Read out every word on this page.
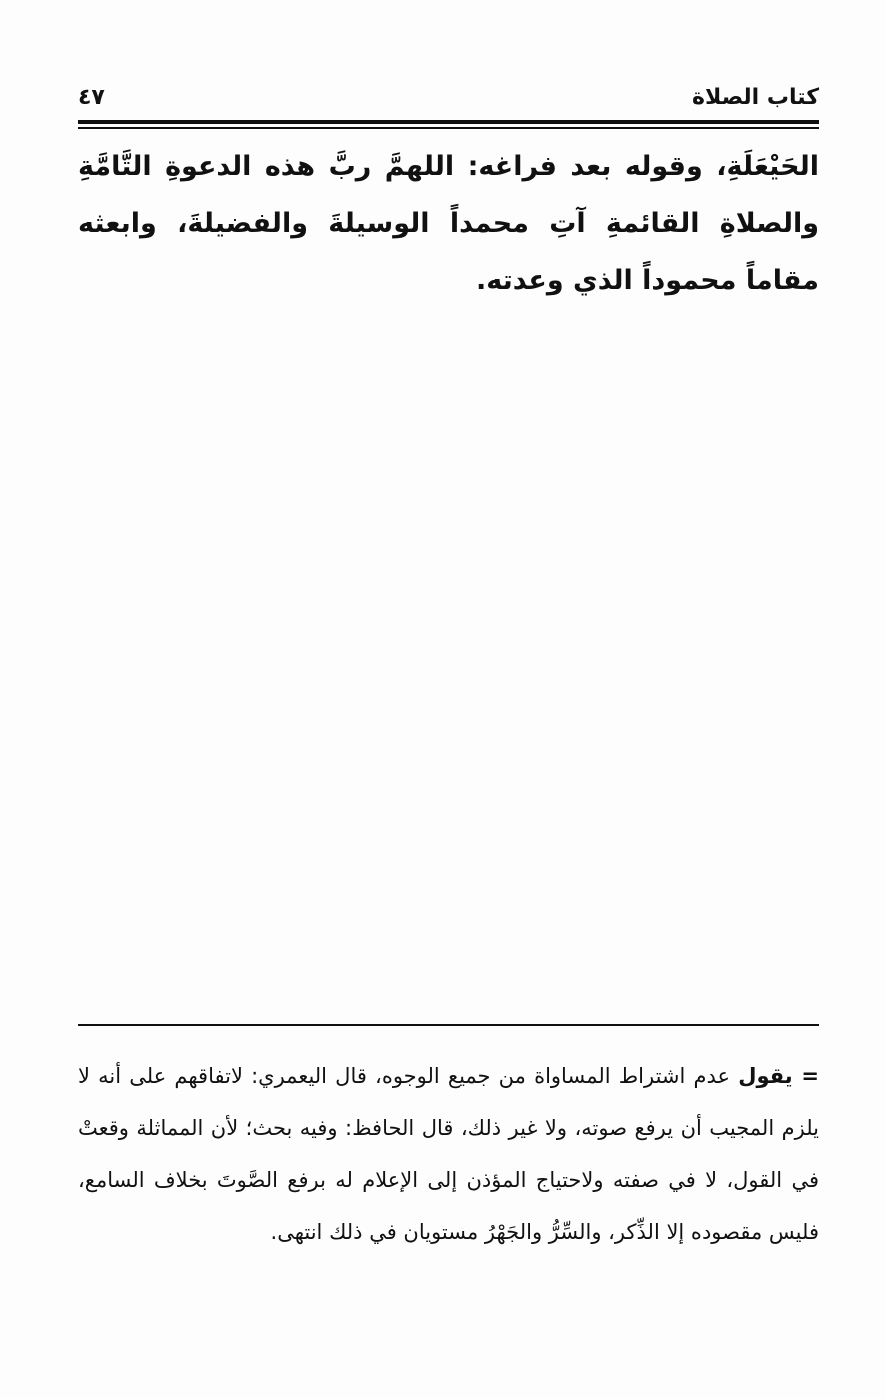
كتاب الصلاة
٤٧

الحَيْعَلَةِ، وقوله بعد فراغه: اللهمَّ ربَّ هذه الدعوةِ التَّامَّةِ والصلاةِ القائمةِ آتِ محمداً الوسيلةَ والفضيلةَ، وابعثه مقاماً محموداً الذي وعدته.

= يقول عدم اشتراط المساواة من جميع الوجوه، قال اليعمري: لاتفاقهم على أنه لا يلزم المجيب أن يرفع صوته، ولا غير ذلك، قال الحافظ: وفيه بحث؛ لأن المماثلة وقعتْ في القول، لا في صفته ولاحتياج المؤذن إلى الإعلام له برفع الصَّوتَ بخلاف السامع، فليس مقصوده إلا الذِّكر، والسِّرُّ والجَهْرُ مستويان في ذلك انتهى.
